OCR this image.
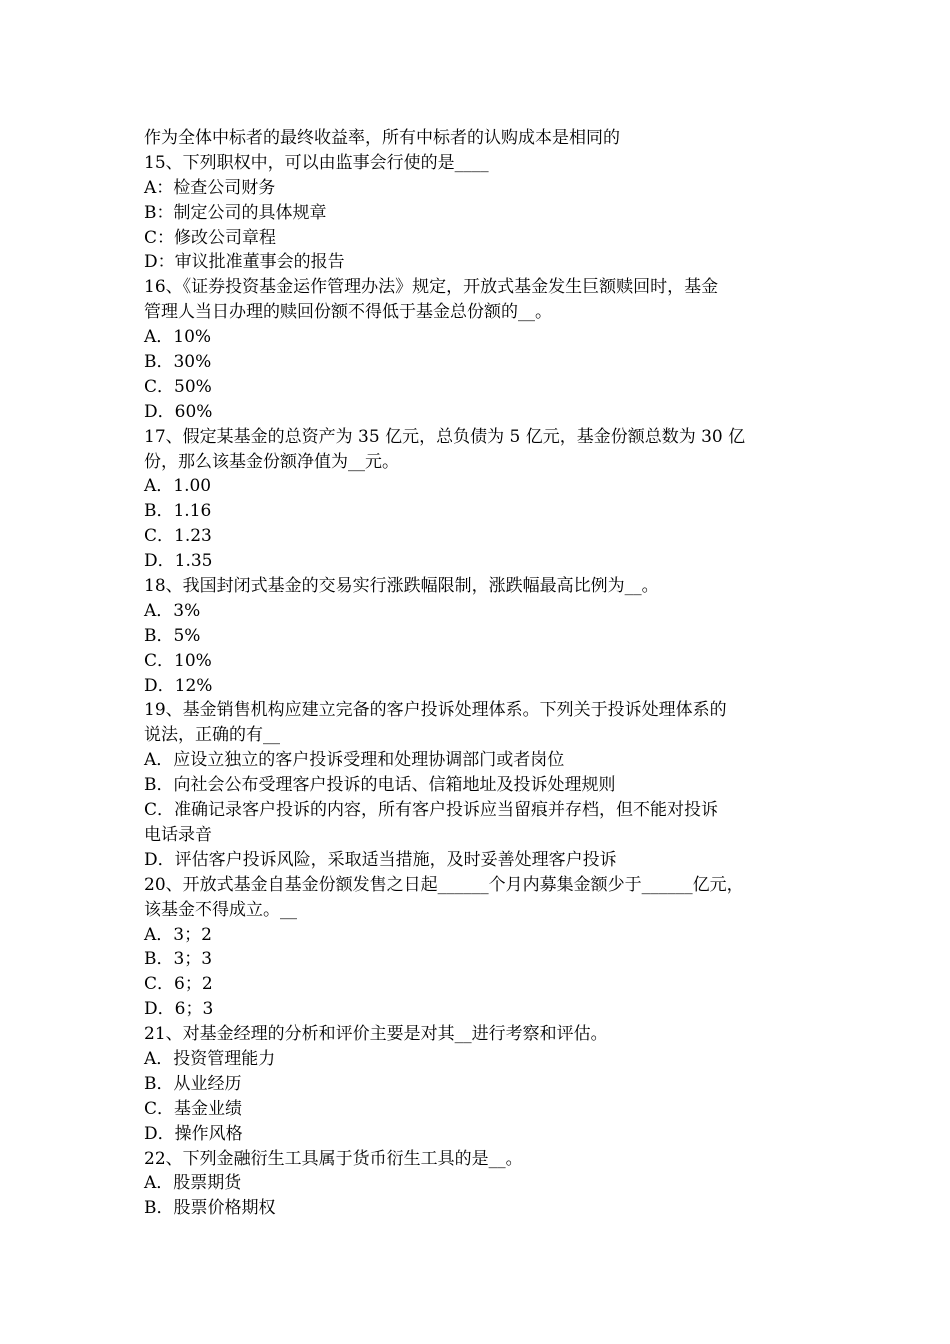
作为全体中标者的最终收益率，所有中标者的认购成本是相同的
15、下列职权中，可以由监事会行使的是____
A：检查公司财务
B：制定公司的具体规章
C：修改公司章程
D：审议批准董事会的报告
16、《证券投资基金运作管理办法》规定，开放式基金发生巨额赎回时，基金
管理人当日办理的赎回份额不得低于基金总份额的__。
A．10%
B．30%
C．50%
D．60%
17、假定某基金的总资产为 35 亿元，总负债为 5 亿元，基金份额总数为 30 亿
份，那么该基金份额净值为__元。
A．1.00
B．1.16
C．1.23
D．1.35
18、我国封闭式基金的交易实行涨跌幅限制，涨跌幅最高比例为__。
A．3%
B．5%
C．10%
D．12%
19、基金销售机构应建立完备的客户投诉处理体系。下列关于投诉处理体系的
说法，正确的有__
A．应设立独立的客户投诉受理和处理协调部门或者岗位
B．向社会公布受理客户投诉的电话、信箱地址及投诉处理规则
C．准确记录客户投诉的内容，所有客户投诉应当留痕并存档，但不能对投诉
电话录音
D．评估客户投诉风险，采取适当措施，及时妥善处理客户投诉
20、开放式基金自基金份额发售之日起______个月内募集金额少于______亿元，
该基金不得成立。__
A．3；2
B．3；3
C．6；2
D．6；3
21、对基金经理的分析和评价主要是对其__进行考察和评估。
A．投资管理能力
B．从业经历
C．基金业绩
D．操作风格
22、下列金融衍生工具属于货币衍生工具的是__。
A．股票期货
B．股票价格期权
